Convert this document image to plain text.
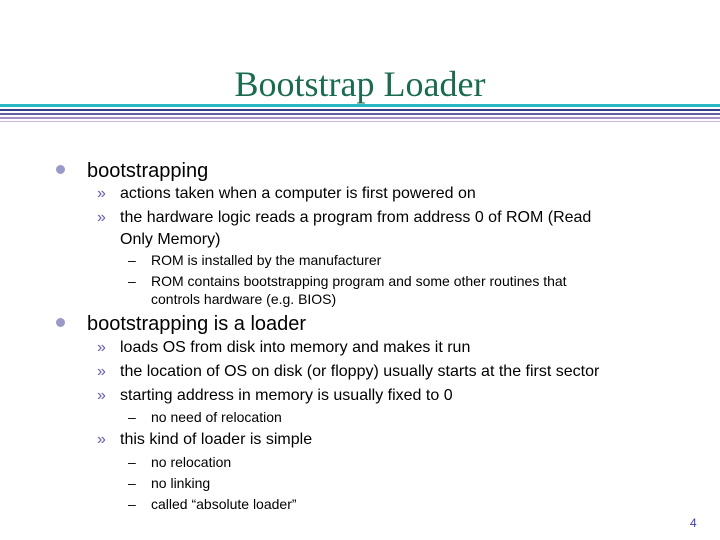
Bootstrap Loader
bootstrapping
» actions taken when a computer is first powered on
» the hardware logic reads a program from address 0 of ROM (Read
Only Memory)
–	ROM is installed by the manufacturer
–	ROM contains bootstrapping program and some other routines that
controls hardware (e.g. BIOS)
bootstrapping is a loader
» loads OS from disk into memory and makes it run
» the location of OS on disk (or floppy) usually starts at the first sector
» starting address in memory is usually fixed to 0
–	no need of relocation
» this kind of loader is simple
–	no relocation
–	no linking
–	called “absolute loader”
4
